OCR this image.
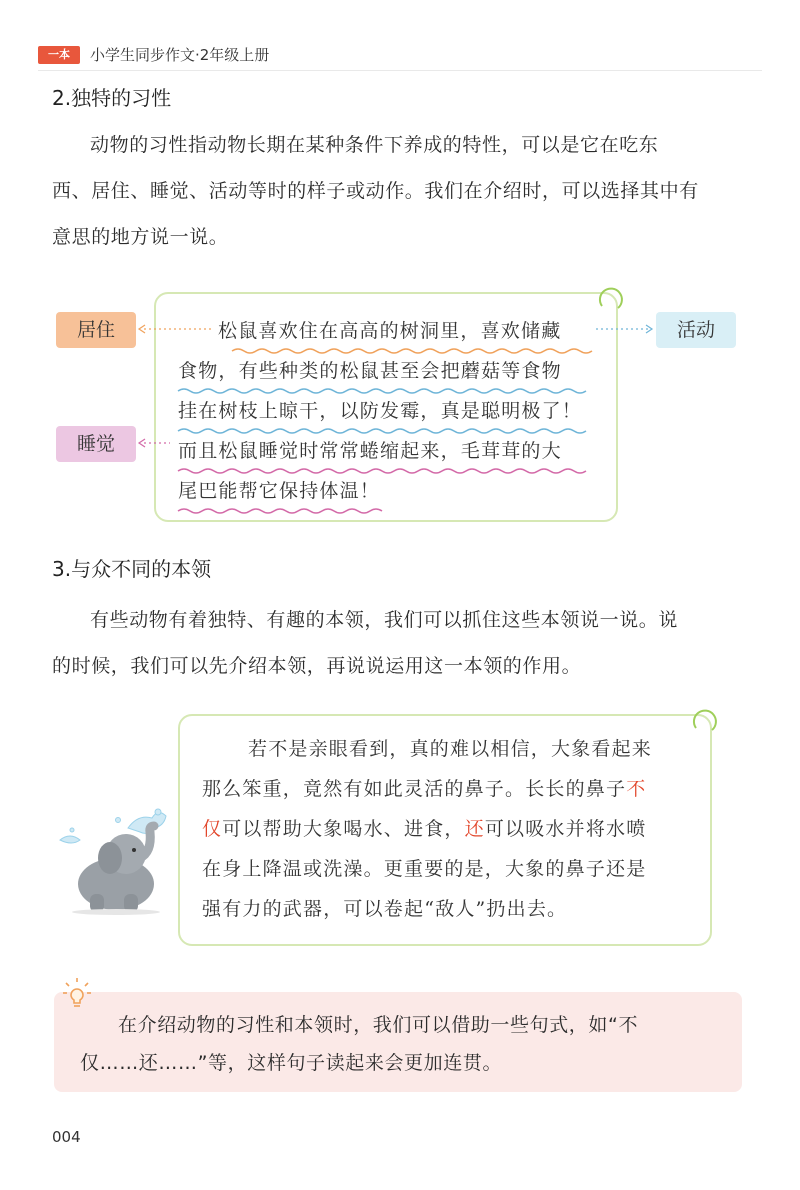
一本	小学生同步作文·2年级上册
2.独特的习性

动物的习性指动物长期在某种条件下养成的特性，可以是它在吃东

西、居住、睡觉、活动等时的样子或动作。我们在介绍时，可以选择其中有

意思的地方说一说。

松鼠喜欢住在高高的树洞里，喜欢储藏
食物，有些种类的松鼠甚至会把蘑菇等食物
挂在树枝上晾干，以防发霉，真是聪明极了！
而且松鼠睡觉时常常蜷缩起来，毛茸茸的大
尾巴能帮它保持体温！
居住	活动
睡觉
3.与众不同的本领

有些动物有着独特、有趣的本领，我们可以抓住这些本领说一说。说

的时候，我们可以先介绍本领，再说说运用这一本领的作用。

若不是亲眼看到，真的难以相信，大象看起来
那么笨重，竟然有如此灵活的鼻子。长长的鼻子不
仅可以帮助大象喝水、进食，还可以吸水并将水喷
在身上降温或洗澡。更重要的是，大象的鼻子还是
强有力的武器，可以卷起“敌人”扔出去。
在介绍动物的习性和本领时，我们可以借助一些句式，如“不
仅……还……”等，这样句子读起来会更加连贯。
004
